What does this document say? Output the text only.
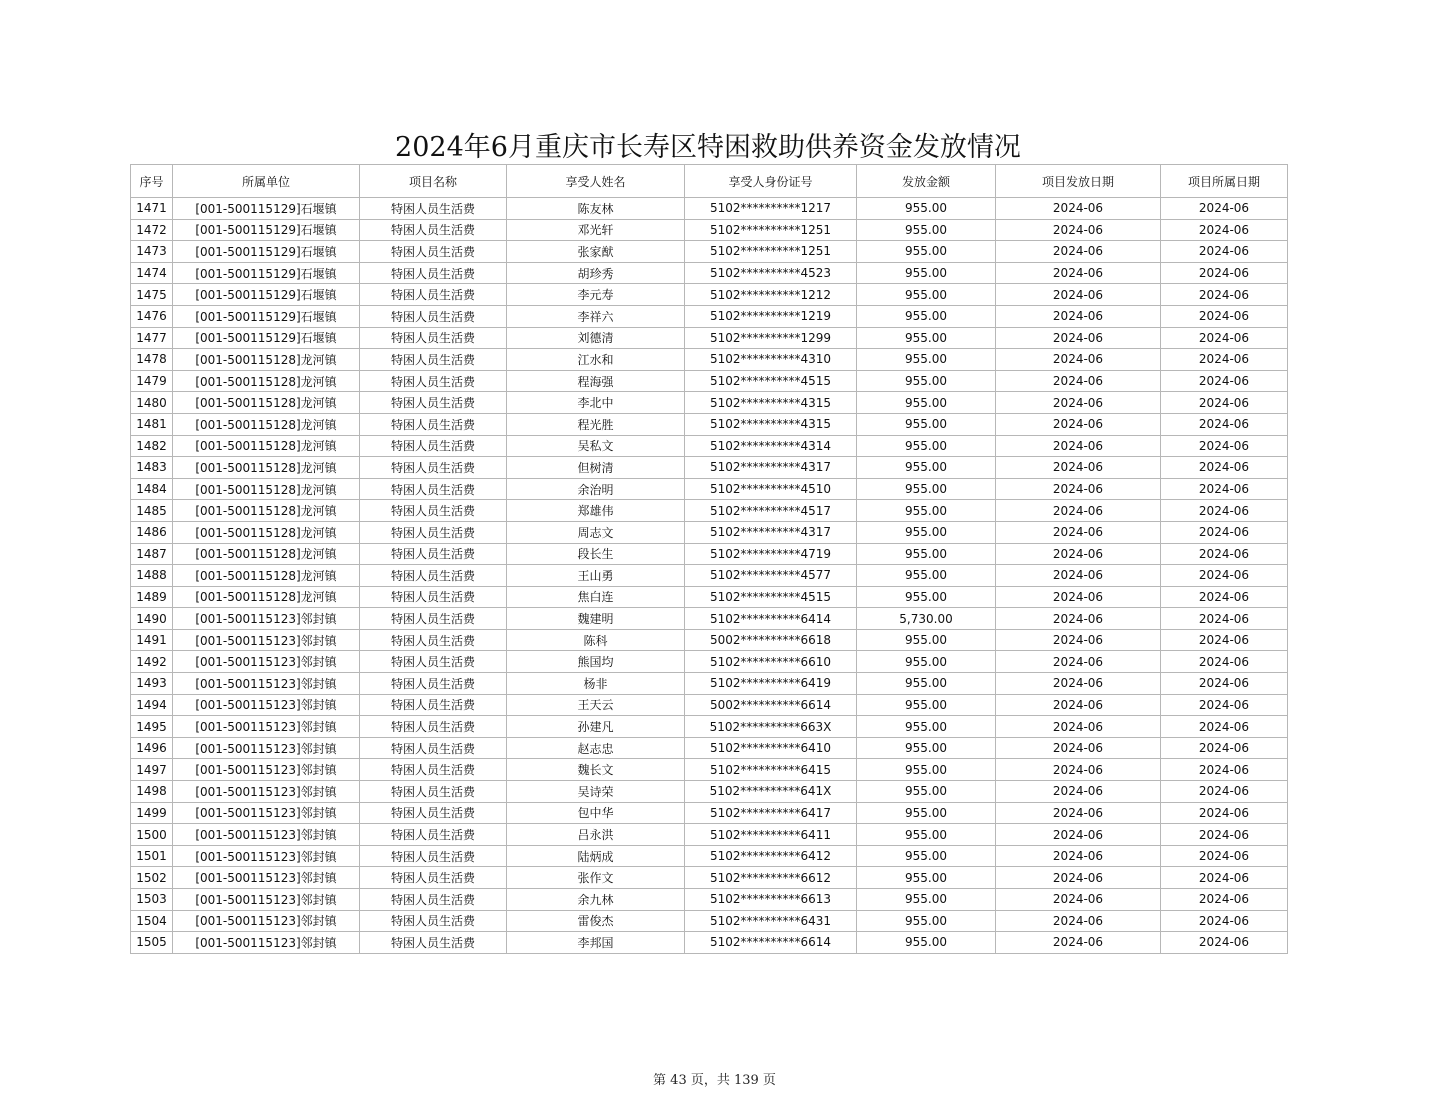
2024年6月重庆市长寿区特困救助供养资金发放情况
序号	所属单位	项目名称	享受人姓名	享受人身份证号	发放金额	项目发放日期	项目所属日期
1471	[001-500115129]石堰镇	特困人员生活费	陈友林	5102**********1217	955.00	2024-06	2024-06
1472	[001-500115129]石堰镇	特困人员生活费	邓光轩	5102**********1251	955.00	2024-06	2024-06
1473	[001-500115129]石堰镇	特困人员生活费	张家猷	5102**********1251	955.00	2024-06	2024-06
1474	[001-500115129]石堰镇	特困人员生活费	胡珍秀	5102**********4523	955.00	2024-06	2024-06
1475	[001-500115129]石堰镇	特困人员生活费	李元寿	5102**********1212	955.00	2024-06	2024-06
1476	[001-500115129]石堰镇	特困人员生活费	李祥六	5102**********1219	955.00	2024-06	2024-06
1477	[001-500115129]石堰镇	特困人员生活费	刘德清	5102**********1299	955.00	2024-06	2024-06
1478	[001-500115128]龙河镇	特困人员生活费	江水和	5102**********4310	955.00	2024-06	2024-06
1479	[001-500115128]龙河镇	特困人员生活费	程海强	5102**********4515	955.00	2024-06	2024-06
1480	[001-500115128]龙河镇	特困人员生活费	李北中	5102**********4315	955.00	2024-06	2024-06
1481	[001-500115128]龙河镇	特困人员生活费	程光胜	5102**********4315	955.00	2024-06	2024-06
1482	[001-500115128]龙河镇	特困人员生活费	吴私文	5102**********4314	955.00	2024-06	2024-06
1483	[001-500115128]龙河镇	特困人员生活费	但树清	5102**********4317	955.00	2024-06	2024-06
1484	[001-500115128]龙河镇	特困人员生活费	余治明	5102**********4510	955.00	2024-06	2024-06
1485	[001-500115128]龙河镇	特困人员生活费	郑雄伟	5102**********4517	955.00	2024-06	2024-06
1486	[001-500115128]龙河镇	特困人员生活费	周志文	5102**********4317	955.00	2024-06	2024-06
1487	[001-500115128]龙河镇	特困人员生活费	段长生	5102**********4719	955.00	2024-06	2024-06
1488	[001-500115128]龙河镇	特困人员生活费	王山勇	5102**********4577	955.00	2024-06	2024-06
1489	[001-500115128]龙河镇	特困人员生活费	焦白连	5102**********4515	955.00	2024-06	2024-06
1490	[001-500115123]邻封镇	特困人员生活费	魏建明	5102**********6414	5,730.00	2024-06	2024-06
1491	[001-500115123]邻封镇	特困人员生活费	陈科	5002**********6618	955.00	2024-06	2024-06
1492	[001-500115123]邻封镇	特困人员生活费	熊国均	5102**********6610	955.00	2024-06	2024-06
1493	[001-500115123]邻封镇	特困人员生活费	杨非	5102**********6419	955.00	2024-06	2024-06
1494	[001-500115123]邻封镇	特困人员生活费	王天云	5002**********6614	955.00	2024-06	2024-06
1495	[001-500115123]邻封镇	特困人员生活费	孙建凡	5102**********663X	955.00	2024-06	2024-06
1496	[001-500115123]邻封镇	特困人员生活费	赵志忠	5102**********6410	955.00	2024-06	2024-06
1497	[001-500115123]邻封镇	特困人员生活费	魏长文	5102**********6415	955.00	2024-06	2024-06
1498	[001-500115123]邻封镇	特困人员生活费	吴诗荣	5102**********641X	955.00	2024-06	2024-06
1499	[001-500115123]邻封镇	特困人员生活费	包中华	5102**********6417	955.00	2024-06	2024-06
1500	[001-500115123]邻封镇	特困人员生活费	吕永洪	5102**********6411	955.00	2024-06	2024-06
1501	[001-500115123]邻封镇	特困人员生活费	陆炳成	5102**********6412	955.00	2024-06	2024-06
1502	[001-500115123]邻封镇	特困人员生活费	张作文	5102**********6612	955.00	2024-06	2024-06
1503	[001-500115123]邻封镇	特困人员生活费	余九林	5102**********6613	955.00	2024-06	2024-06
1504	[001-500115123]邻封镇	特困人员生活费	雷俊杰	5102**********6431	955.00	2024-06	2024-06
1505	[001-500115123]邻封镇	特困人员生活费	李邦国	5102**********6614	955.00	2024-06	2024-06
第 43 页，共 139 页
